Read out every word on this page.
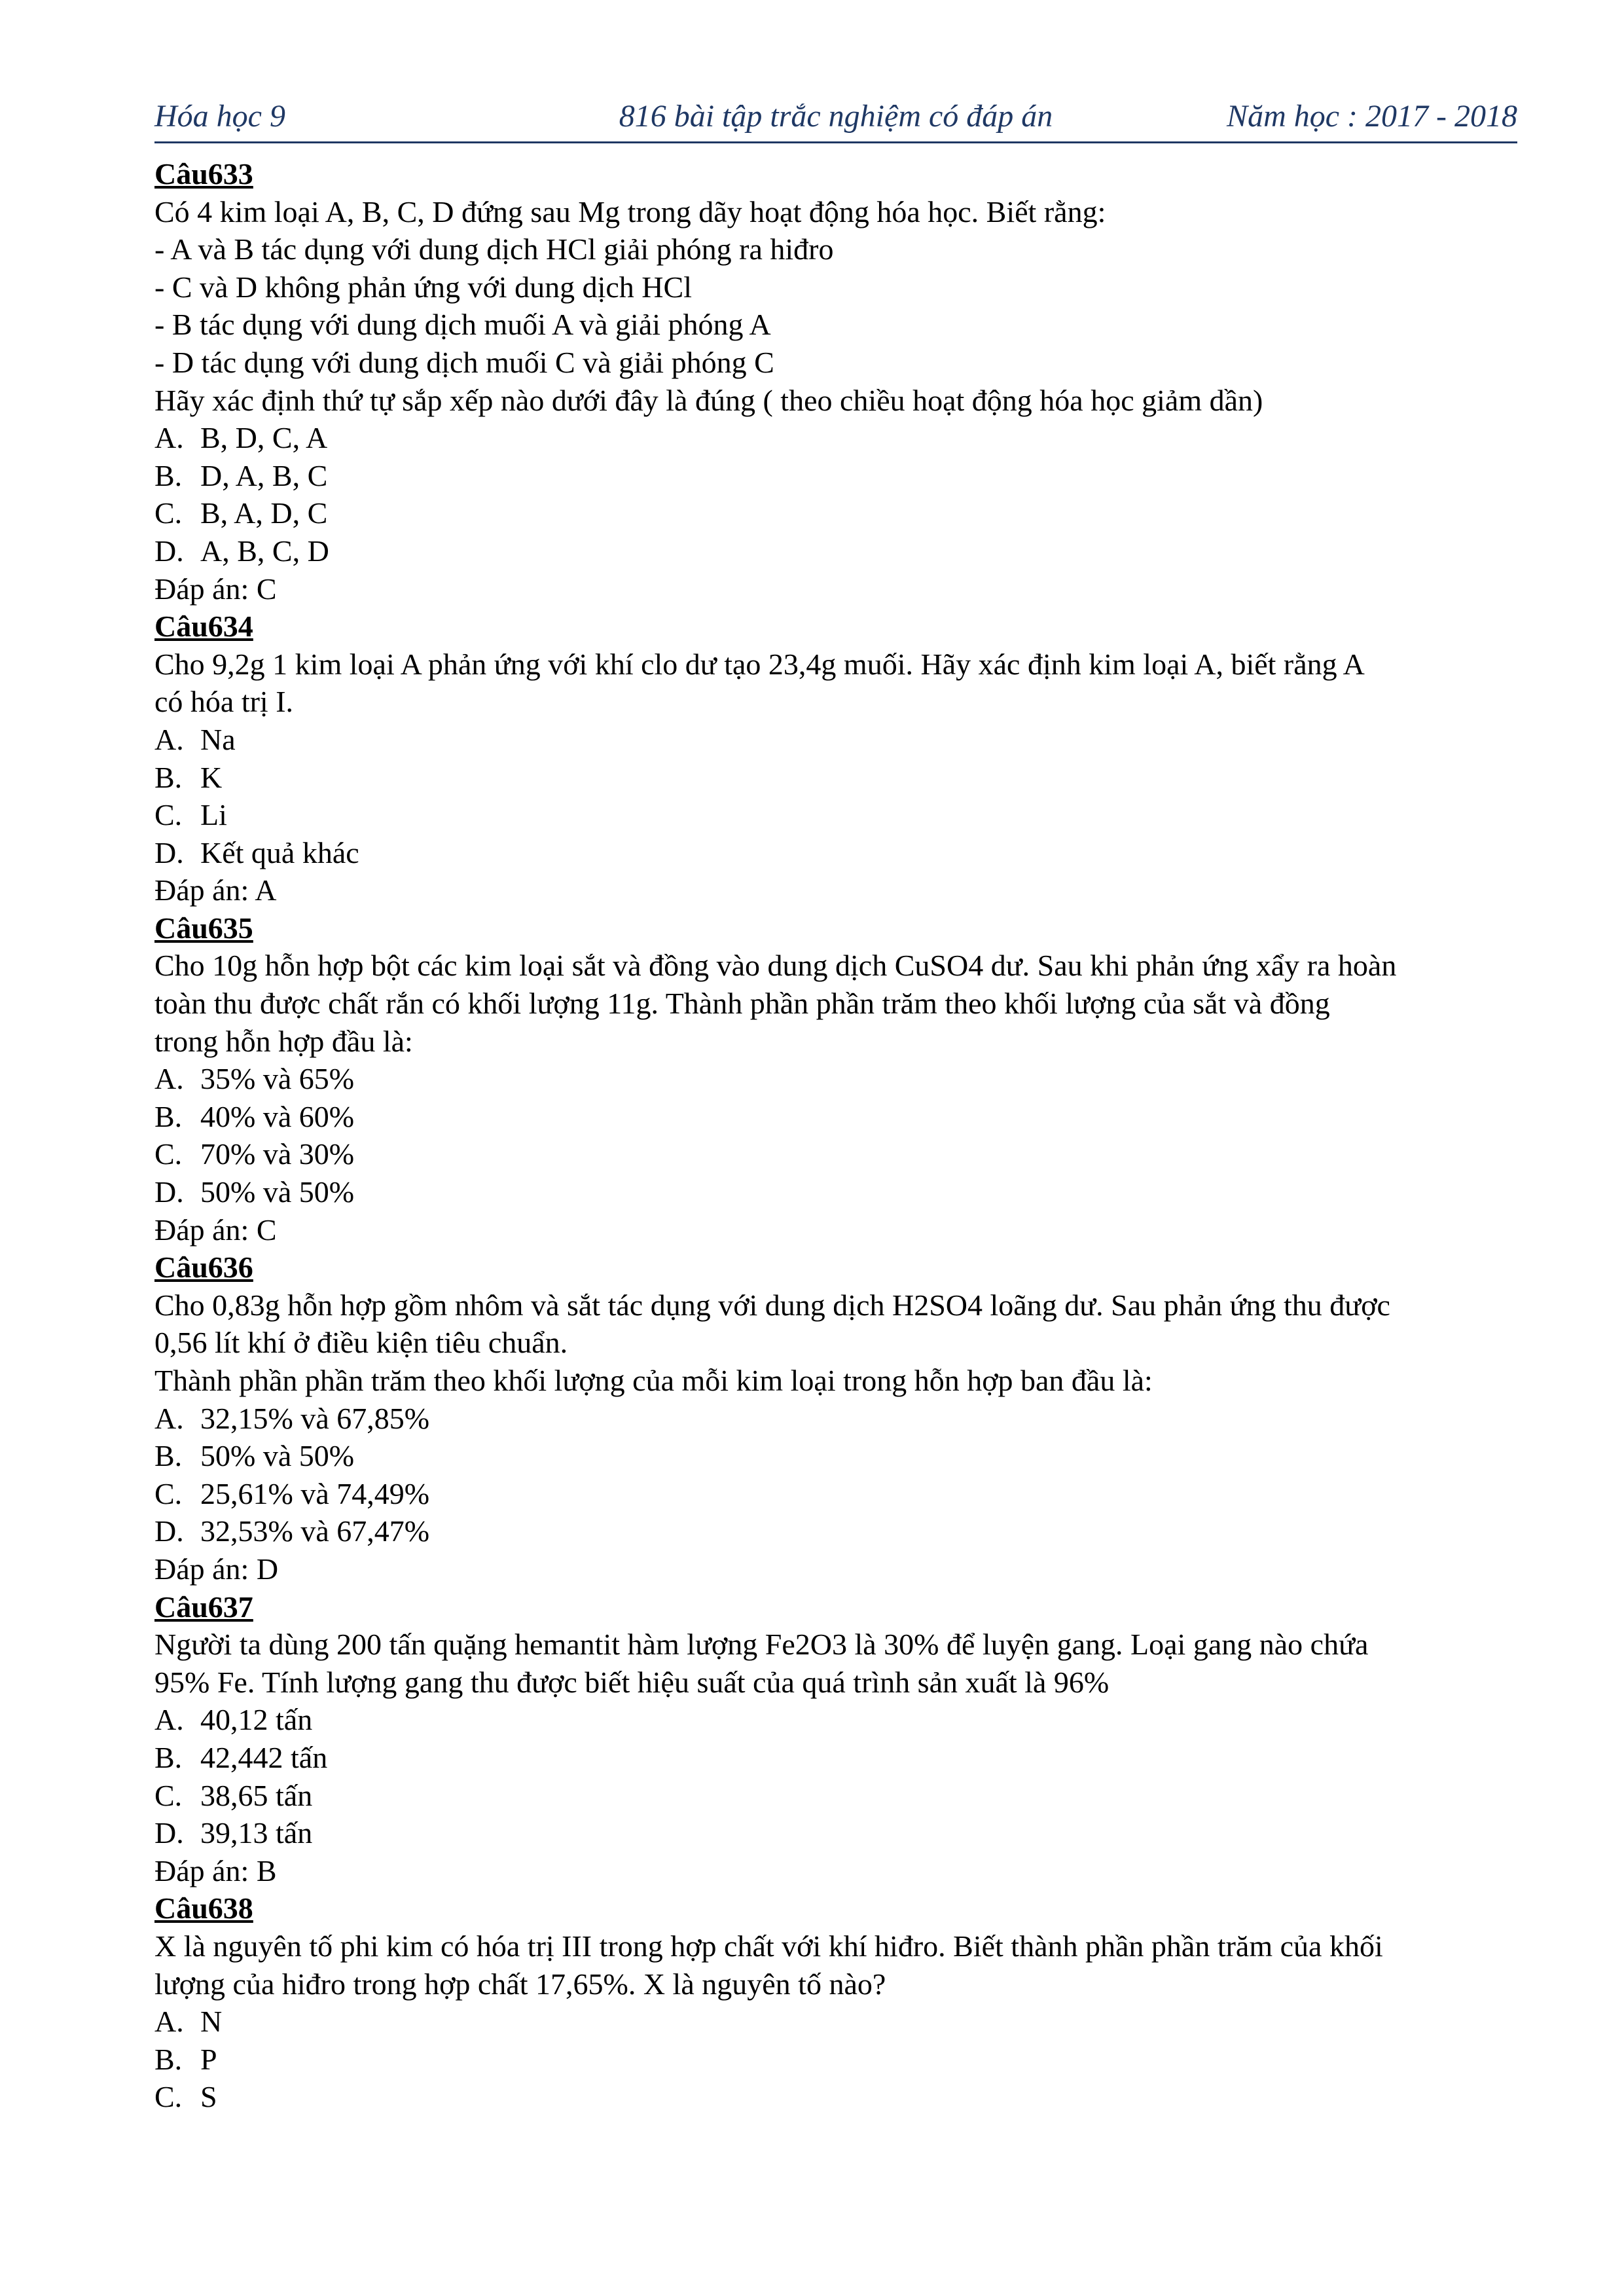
Hóa học 9	816 bài tập trắc nghiệm có đáp án	Năm học : 2017 - 2018

Câu633

Có 4 kim loại A, B, C, D đứng sau Mg trong dãy hoạt động hóa học. Biết rằng:

- A và B tác dụng với dung dịch HCl giải phóng ra hiđro

- C và D không phản ứng với dung dịch HCl

- B tác dụng với dung dịch muối A và giải phóng A

- D tác dụng với dung dịch muối C và giải phóng C

Hãy xác định thứ tự sắp xếp nào dưới đây là đúng ( theo chiều hoạt động hóa học giảm dần)

A. B, D, C, A

B. D, A, B, C

C. B, A, D, C

D. A, B, C, D

Đáp án: C

Câu634

Cho 9,2g 1 kim loại A phản ứng với khí clo dư tạo 23,4g muối. Hãy xác định kim loại A, biết rằng A

có hóa trị I.

A. Na

B. K

C. Li

D. Kết quả khác

Đáp án: A

Câu635

Cho 10g hỗn hợp bột các kim loại sắt và đồng vào dung dịch CuSO4 dư. Sau khi phản ứng xẩy ra hoàn

toàn thu được chất rắn có khối lượng 11g. Thành phần phần trăm theo khối lượng của sắt và đồng

trong hỗn hợp đầu là:

A. 35% và 65%

B. 40% và 60%

C. 70% và 30%

D. 50% và 50%

Đáp án: C

Câu636

Cho 0,83g hỗn hợp gồm nhôm và sắt tác dụng với dung dịch H2SO4 loãng dư. Sau phản ứng thu được

0,56 lít khí ở điều kiện tiêu chuẩn.

Thành phần phần trăm theo khối lượng của mỗi kim loại trong hỗn hợp ban đầu là:

A. 32,15% và 67,85%

B. 50% và 50%

C. 25,61% và 74,49%

D. 32,53% và 67,47%

Đáp án: D

Câu637

Người ta dùng 200 tấn quặng hemantit hàm lượng Fe2O3 là 30% để luyện gang. Loại gang nào chứa

95% Fe. Tính lượng gang thu được biết hiệu suất của quá trình sản xuất là 96%

A. 40,12 tấn

B. 42,442 tấn

C. 38,65 tấn

D. 39,13 tấn

Đáp án: B

Câu638

X là nguyên tố phi kim có hóa trị III trong hợp chất với khí hiđro. Biết thành phần phần trăm của khối

lượng của hiđro trong hợp chất 17,65%. X là nguyên tố nào?

A. N

B. P

C. S
